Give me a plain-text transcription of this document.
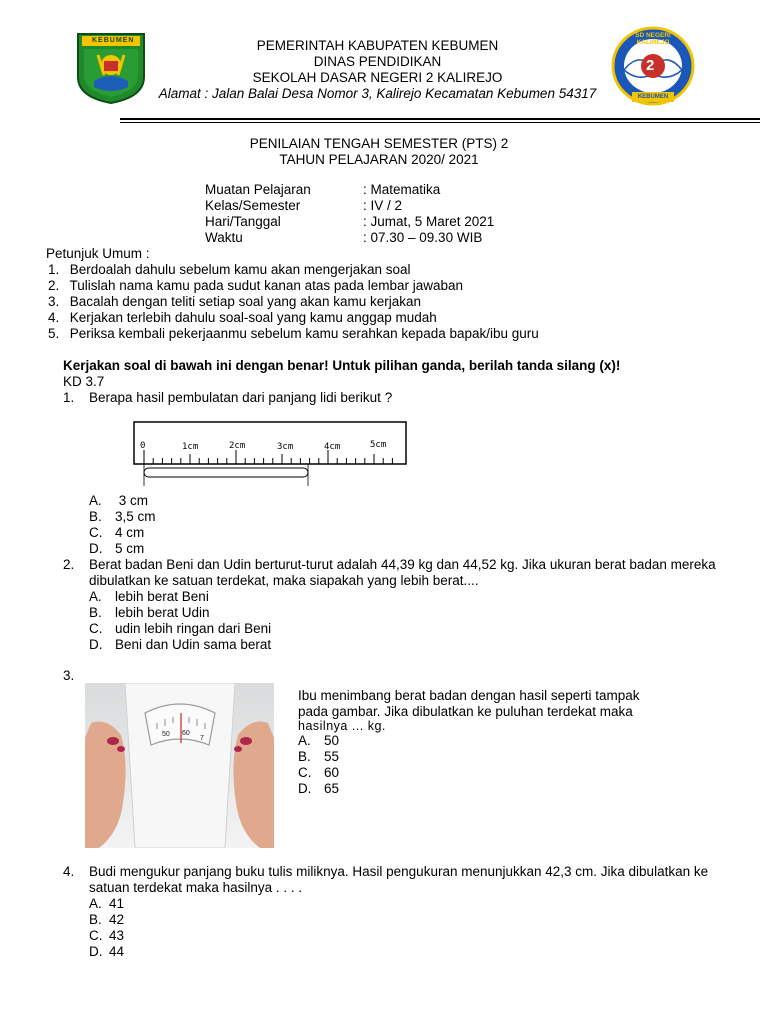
KEBUMEN
SD NEGERI KALIREJO
2
KEBUMEN
PEMERINTAH KABUPATEN KEBUMEN
DINAS PENDIDIKAN
SEKOLAH DASAR NEGERI 2 KALIREJO
Alamat : Jalan Balai Desa Nomor 3, Kalirejo Kecamatan Kebumen 54317
PENILAIAN TENGAH SEMESTER (PTS) 2
TAHUN PELAJARAN 2020/ 2021
Muatan Pelajaran	: Matematika
Kelas/Semester	: IV / 2
Hari/Tanggal	: Jumat, 5 Maret 2021
Waktu	: 07.30 – 09.30 WIB
Petunjuk Umum :
1. Berdoalah dahulu sebelum kamu akan mengerjakan soal
2. Tulislah nama kamu pada sudut kanan atas pada lembar jawaban
3. Bacalah dengan teliti setiap soal yang akan kamu kerjakan
4. Kerjakan terlebih dahulu soal-soal yang kamu anggap mudah
5. Periksa kembali pekerjaanmu sebelum kamu serahkan kepada bapak/ibu guru
Kerjakan soal di bawah ini dengan benar! Untuk pilihan ganda, berilah tanda silang (x)!
KD 3.7
1. Berapa hasil pembulatan dari panjang lidi berikut ?
0	1cm	2cm	3cm	4cm	5cm
A. 3 cm
B. 3,5 cm
C. 4 cm
D. 5 cm
2. Berat badan Beni dan Udin berturut-turut adalah 44,39 kg dan 44,52 kg. Jika ukuran berat badan mereka
dibulatkan ke satuan terdekat, maka siapakah yang lebih berat....
A. lebih berat Beni
B. lebih berat Udin
C. udin lebih ringan dari Beni
D. Beni dan Udin sama berat
3.
50 60
7
Ibu menimbang berat badan dengan hasil seperti tampak
pada gambar. Jika dibulatkan ke puluhan terdekat maka
hasilnya ... kg.
A. 50
B. 55
C. 60
D. 65
4. Budi mengukur panjang buku tulis miliknya. Hasil pengukuran menunjukkan 42,3 cm. Jika dibulatkan ke
satuan terdekat maka hasilnya . . . .
A. 41
B. 42
C. 43
D. 44
